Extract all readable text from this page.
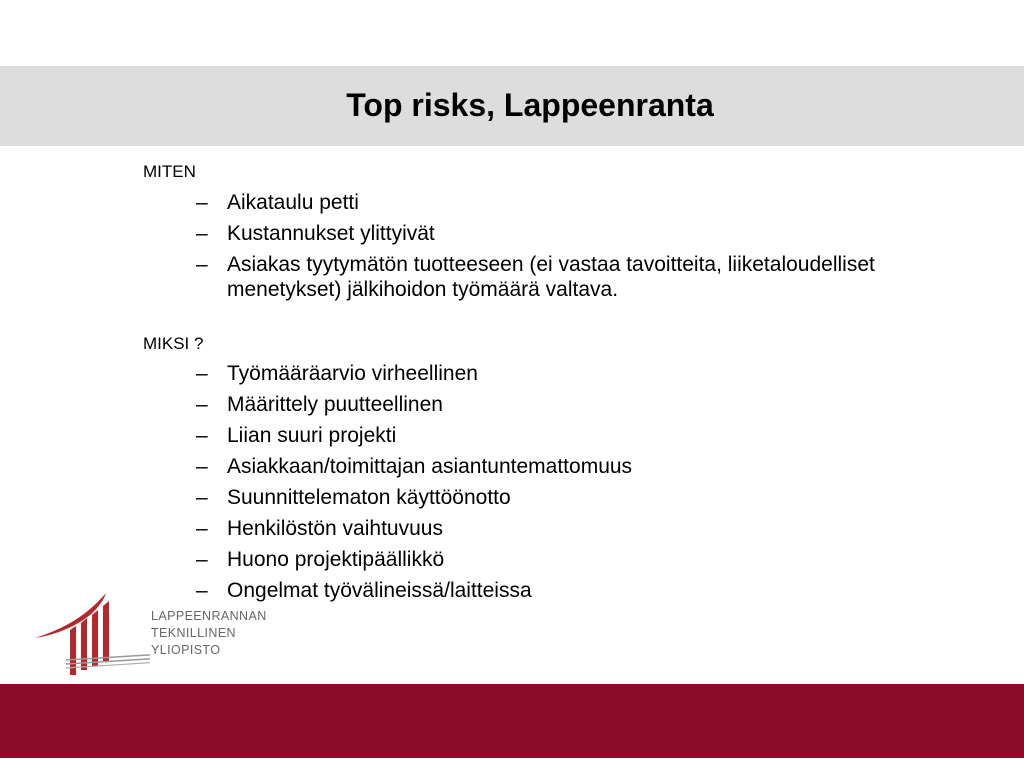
Top risks, Lappeenranta
MITEN
– Aikataulu petti
– Kustannukset ylittyivät
– Asiakas tyytymätön tuotteeseen (ei vastaa tavoitteita, liiketaloudelliset menetykset) jälkihoidon työmäärä valtava.
MIKSI ?
– Työmääräarvio virheellinen
– Määrittely puutteellinen
– Liian suuri projekti
– Asiakkaan/toimittajan asiantuntemattomuus
– Suunnittelematon käyttöönotto
– Henkilöstön vaihtuvuus
– Huono projektipäällikkö
– Ongelmat työvälineissä/laitteissa
LAPPEENRANNAN
TEKNILLINEN YLIOPISTO
